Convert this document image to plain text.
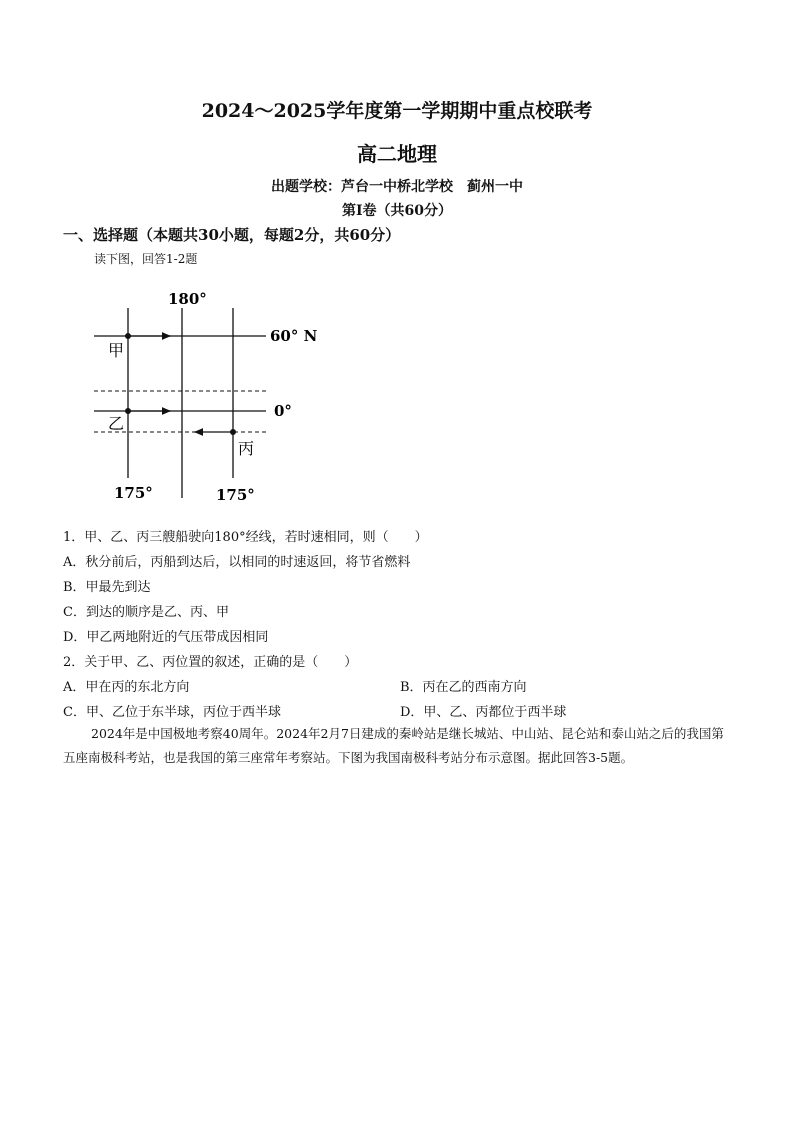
2024～2025学年度第一学期期中重点校联考
高二地理
出题学校：芦台一中桥北学校　蓟州一中
第Ⅰ卷（共60分）
一、选择题（本题共30小题，每题2分，共60分）
读下图，回答1-2题
180°
60° N
0°
175°	175°
甲
乙
丙
1．甲、乙、丙三艘船驶向180°经线，若时速相同，则（　　）
A．秋分前后，丙船到达后，以相同的时速返回，将节省燃料
B．甲最先到达
C．到达的顺序是乙、丙、甲
D．甲乙两地附近的气压带成因相同
2．关于甲、乙、丙位置的叙述，正确的是（　　）
A．甲在丙的东北方向	B．丙在乙的西南方向
C．甲、乙位于东半球，丙位于西半球	D．甲、乙、丙都位于西半球
2024年是中国极地考察40周年。2024年2月7日建成的秦岭站是继长城站、中山站、昆仑站和泰山站之后的我国第五座南极科考站，也是我国的第三座常年考察站。下图为我国南极科考站分布示意图。据此回答3-5题。
